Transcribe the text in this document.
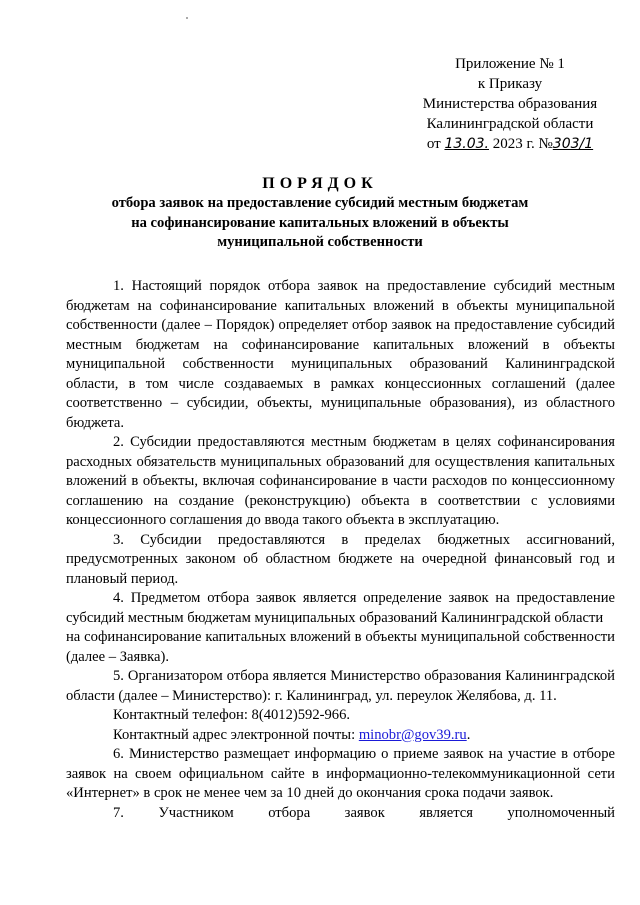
Приложение № 1
к Приказу
Министерства образования
Калининградской области
от 13.03. 2023 г. №303/1
ПОРЯДОК
отбора заявок на предоставление субсидий местным бюджетам
на софинансирование капитальных вложений в объекты
муниципальной собственности

1. Настоящий порядок отбора заявок на предоставление субсидий местным бюджетам на софинансирование капитальных вложений в объекты муниципальной собственности (далее – Порядок) определяет отбор заявок на предоставление субсидий местным бюджетам на софинансирование капитальных вложений в объекты муниципальной собственности муниципальных образований Калининградской области, в том числе создаваемых в рамках концессионных соглашений (далее соответственно – субсидии, объекты, муниципальные образования), из областного бюджета.

2. Субсидии предоставляются местным бюджетам в целях софинансирования расходных обязательств муниципальных образований для осуществления капитальных вложений в объекты, включая софинансирование в части расходов по концессионному соглашению на создание (реконструкцию) объекта в соответствии с условиями концессионного соглашения до ввода такого объекта в эксплуатацию.

3. Субсидии предоставляются в пределах бюджетных ассигнований, предусмотренных законом об областном бюджете на очередной финансовый год и плановый период.

4. Предметом отбора заявок является определение заявок на предоставление субсидий местным бюджетам муниципальных образований Калининградской области

на софинансирование капитальных вложений в объекты муниципальной собственности (далее – Заявка).

5. Организатором отбора является Министерство образования Калининградской области (далее – Министерство): г. Калининград, ул. переулок Желябова, д. 11.

Контактный телефон: 8(4012)592-966.

Контактный адрес электронной почты: minobr@gov39.ru.

6. Министерство размещает информацию о приеме заявок на участие в отборе заявок на своем официальном сайте в информационно-телекоммуникационной сети «Интернет» в срок не менее чем за 10 дней до окончания срока подачи заявок.

7. Участником отбора заявок является уполномоченный
